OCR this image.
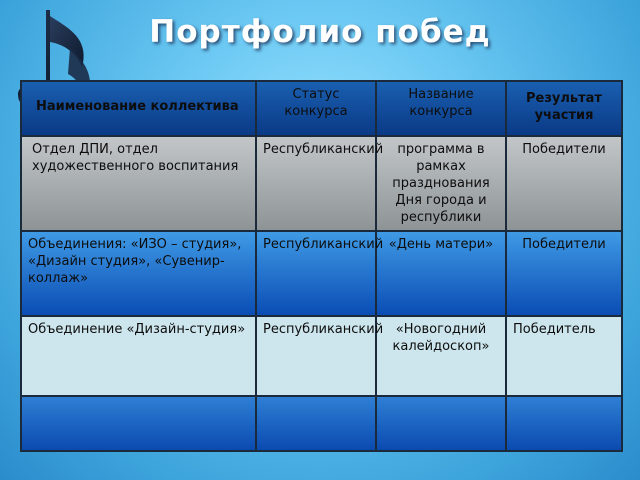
Портфолио побед
Наименование коллектива	Статус конкурса	Название конкурса	Результат участия

Отдел ДПИ, отдел художественного воспитания	Республиканский	программа в рамках празднования Дня города и республики	Победители
Объединения: «ИЗО – студия», «Дизайн студия», «Сувенир-коллаж»	Республиканский	«День матери»	Победители
Объединение «Дизайн-студия»	Республиканский	«Новогодний калейдоскоп»	Победитель
